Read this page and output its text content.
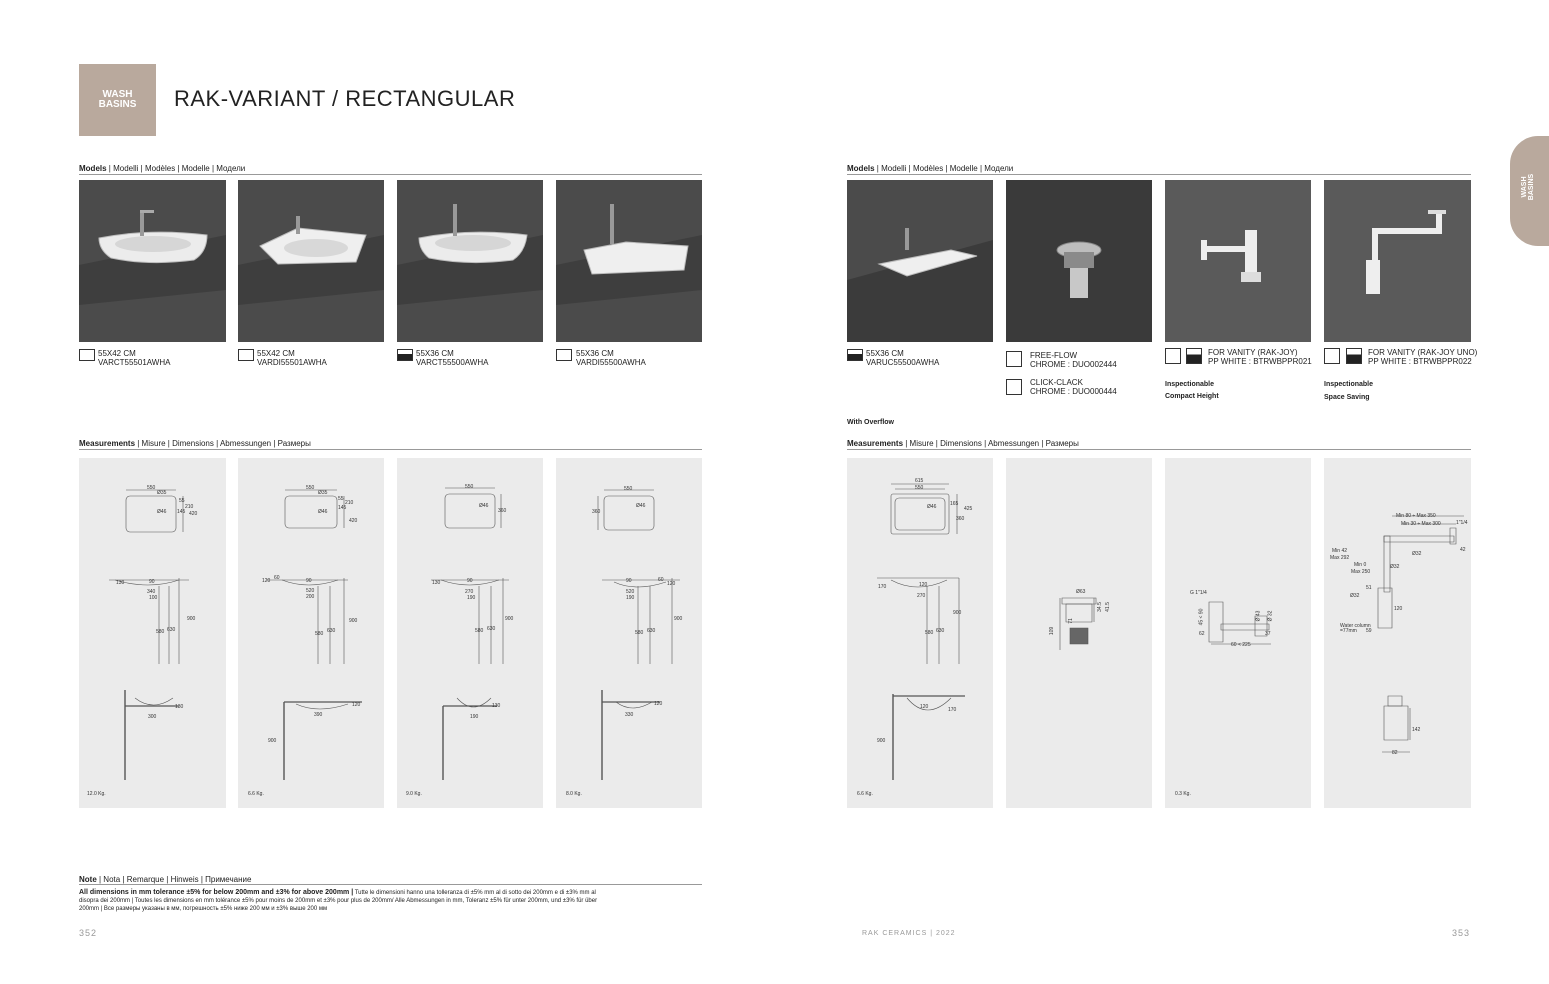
WASH
BASINS	RAK-VARIANT / RECTANGULAR
WASH BASINS
Models | Modelli | Modèles | Modelle | Модели	Models | Modelli | Modèles | Modelle | Модели
55X42 CM
VARCT55501AWHA
55X42 CM
VARDI55501AWHA
55X36 CM
VARCT55500AWHA
55X36 CM
VARDI55500AWHA
55X36 CM
VARUC55500AWHA
FREE-FLOW
CHROME : DUO002444
CLICK-CLACK
CHROME : DUO000444
FOR VANITY (RAK-JOY)
PP WHITE : BTRWBPPR021
Inspectionable
Compact Height
FOR VANITY (RAK-JOY UNO)
PP WHITE : BTRWBPPR022
Inspectionable
Space Saving
With Overflow
Measurements | Misure | Dimensions | Abmessungen | Размеры	Measurements | Misure | Dimensions | Abmessungen | Размеры
550
Ø35
Ø46
55
210
145 420
130	90
340
100
580 630
900
300
130
12.0 Kg.
550
Ø35
Ø46
55
210
145
420
120 60	90
520
200
580 630
900
390
120
900
6.6 Kg.
550
Ø46
360
130	90
270
190
580 630
900
190
130
9.0 Kg.
550
Ø46
360
90	60
120
520
190
580 630
900
330
120
8.0 Kg.
615
550
Ø46	165
425
360
170	120
270
580 630
900
120	170
900
6.6 Kg.
Ø63
34.5 41.5
71
109
G 1"1/4
45 < 90	Ø 43 Ø 32
62	37
60 < 225
0.3 Kg.
Min 80 ÷ Max 350
Min 30 ÷ Max 300	1"1/4
42
Min 42
Max 292
Ø32
Min 0
Max 250
Ø32
51
Ø32
120
Water column
=77mm 59
142
82
Note | Nota | Remarque | Hinweis | Примечание
All dimensions in mm tolerance ±5% for below 200mm and ±3% for above 200mm | Tutte le dimensioni hanno una tolleranza di ±5% mm al di sotto dei 200mm e di ±3% mm al
disopra dei 200mm | Toutes les dimensions en mm tolérance ±5% pour moins de 200mm et ±3% pour plus de 200mm/ Alle Abmessungen in mm, Toleranz ±5% für unter 200mm, und ±3% für über
200mm | Все размеры указаны в мм, погрешность ±5% ниже 200 мм и ±3% выше 200 мм
352	RAK CERAMICS | 2022	353
